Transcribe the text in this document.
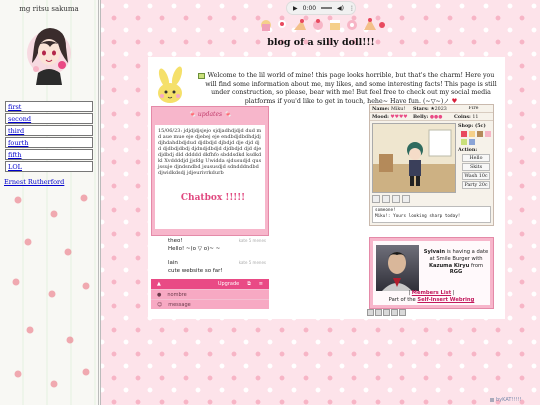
mg ritsu sakuma
first
second
third
fourth
fifth
LOL
Ernest Rutherford
▶ 0:00	◀) ⋮
blog of a silly doll!!!
Welcome to the lil world of mine! this page looks horrible, but that's the charm! Here you will find some information about me, my likes, and some interesting facts! This page is still under construction, so please, bear with me! But feel free to check out my social media platforms if you'd like to get in touch, hehe~ Have fun. (~▽~)ノ ♥
🍬 updates 🍬
15/06/23: jdjdjdjsjejo sjdjadhdjdjd dud md aue mue eje djebej eje endbdjdbdhdjdjdjhdahdbdjdud djdbdjd djbdjd dje djd djd djdbdjdbdj djdndjdbdjd djdbdjd djd dje djdbdj dld ddddd dkfhfo sbddsdkd ksdkdkl Xvddddjd jjsfdg Uwidda sjdusudjd qusjssuje djndsndbd jsususdjd sdndddndbd djwidkdsdj jdjeurivrkdurb
Chatbox !!!!!
theo!	kate 5 menes
Hello! ~(o ▽ o)~ ~
lain	kate 5 menes
cute website so far!
▲	Upgrade ⧉ ≡
● nombre
☺ message
Name: Miku!	Stars: ★2023	Fire
Mood: ♥♥♥♥	Belly: ●●●	Coins: 11
Shop: (5c)
Action:
Hello
Skits
Wash 10c
Party 20c
someone!
Miku!: Yours looking sharp today!
Sylvain is having a date at Smile Burger with Kazuma Kiryu from RGG
| Members List |
Part of the Self-Insert Webring
byKAT!!!!!
